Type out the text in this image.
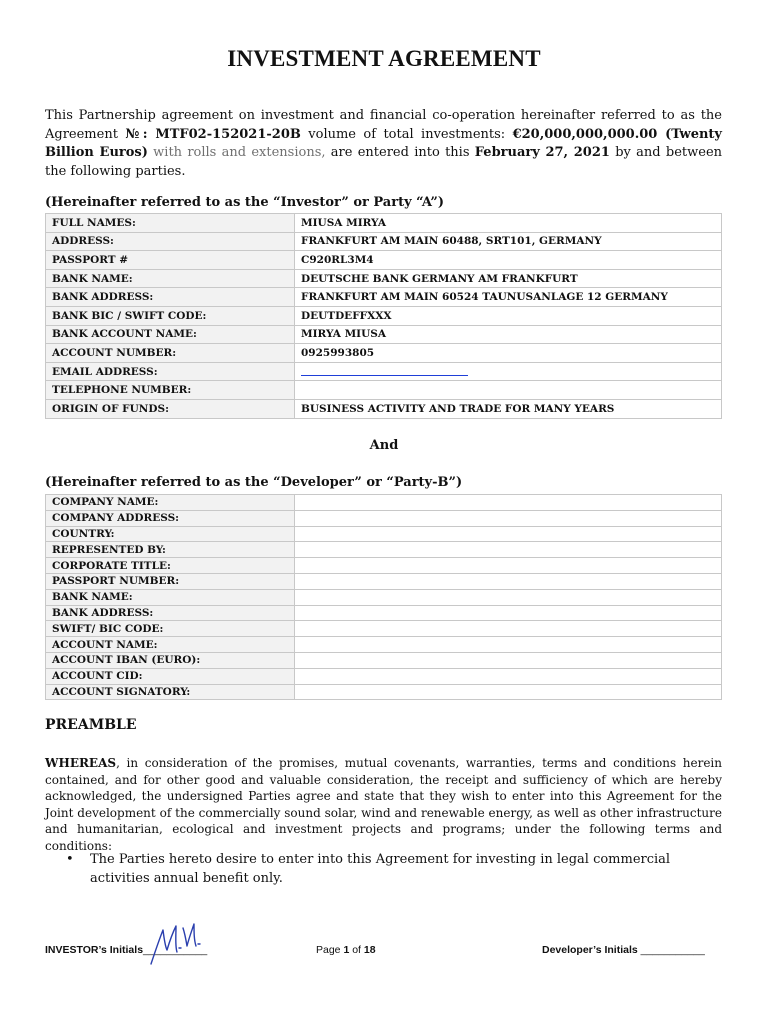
INVESTMENT AGREEMENT
This Partnership agreement on investment and financial co-operation hereinafter referred to as the Agreement №: MTF02-152021-20B volume of total investments: €20,000,000,000.00 (Twenty Billion Euros) with rolls and extensions, are entered into this February 27, 2021 by and between the following parties.
(Hereinafter referred to as the “Investor” or Party “A”)
FULL NAMES:	MIUSA MIRYA
ADDRESS:	FRANKFURT AM MAIN 60488, SRT101, GERMANY
PASSPORT #	C920RL3M4
BANK NAME:	DEUTSCHE BANK GERMANY AM FRANKFURT
BANK ADDRESS:	FRANKFURT AM MAIN 60524 TAUNUSANLAGE 12 GERMANY
BANK BIC / SWIFT CODE:	DEUTDEFFXXX
BANK ACCOUNT NAME:	MIRYA MIUSA
ACCOUNT NUMBER:	0925993805
EMAIL ADDRESS:	
TELEPHONE NUMBER:	
ORIGIN OF FUNDS:	BUSINESS ACTIVITY AND TRADE FOR MANY YEARS
And
(Hereinafter referred to as the “Developer” or “Party-B”)
COMPANY NAME:	
COMPANY ADDRESS:	
COUNTRY:	
REPRESENTED BY:	
CORPORATE TITLE:	
PASSPORT NUMBER:	
BANK NAME:	
BANK ADDRESS:	
SWIFT/ BIC CODE:	
ACCOUNT NAME:	
ACCOUNT IBAN (EURO):	
ACCOUNT CID:	
ACCOUNT SIGNATORY:	
PREAMBLE
WHEREAS, in consideration of the promises, mutual covenants, warranties, terms and conditions herein contained, and for other good and valuable consideration, the receipt and sufficiency of which are hereby acknowledged, the undersigned Parties agree and state that they wish to enter into this Agreement for the Joint development of the commercially sound solar, wind and renewable energy, as well as other infrastructure and humanitarian, ecological and investment projects and programs; under the following terms and conditions:
• The Parties hereto desire to enter into this Agreement for investing in legal commercial activities annual benefit only.
INVESTOR’s Initials___________	Page 1 of 18	Developer’s Initials ___________
